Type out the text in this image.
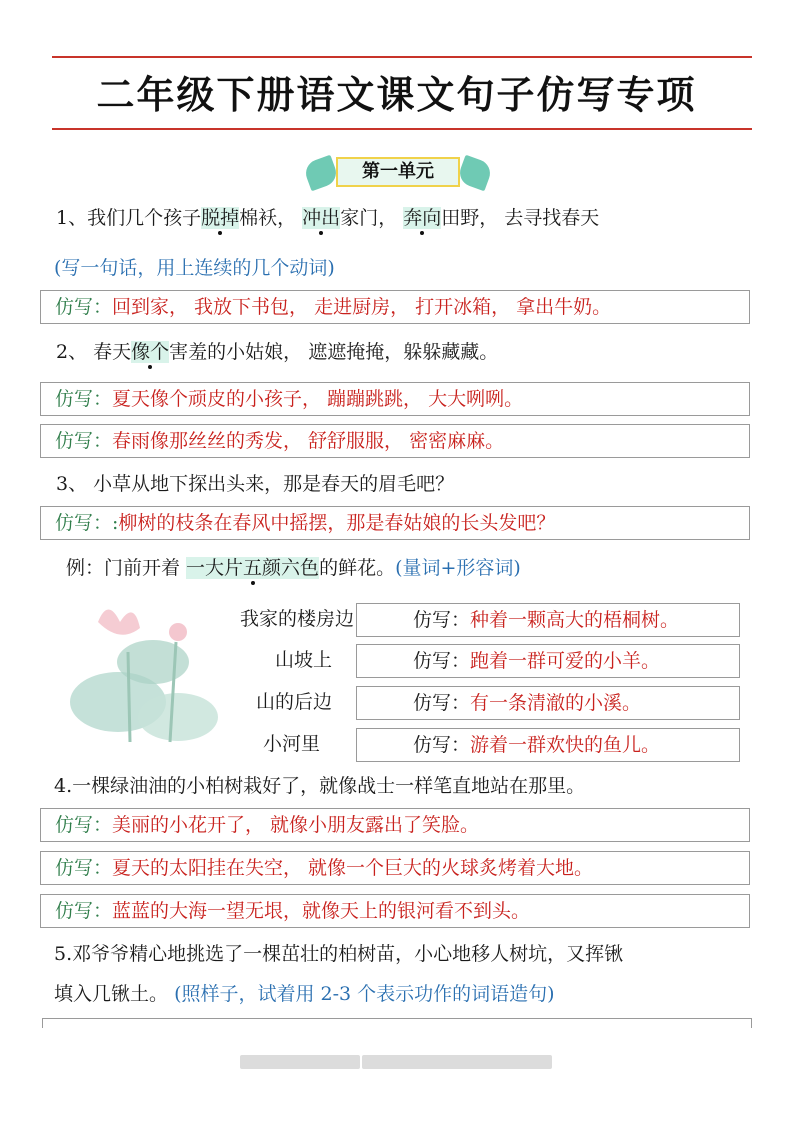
二年级下册语文课文句子仿写专项
第一单元
1、我们几个孩子脱掉棉袄， 冲出家门， 奔向田野， 去寻找春天
(写一句话，用上连续的几个动词)
仿写：回到家， 我放下书包， 走进厨房， 打开冰箱， 拿出牛奶。
2、 春天像个害羞的小姑娘， 遮遮掩掩，躲躲藏藏。
仿写：夏天像个顽皮的小孩子， 蹦蹦跳跳， 大大咧咧。
仿写：春雨像那丝丝的秀发， 舒舒服服， 密密麻麻。
3、 小草从地下探出头来，那是春天的眉毛吧？
仿写：:柳树的枝条在春风中摇摆，那是春姑娘的长头发吧？
例：门前开着 一大片五颜六色的鲜花。(量词+形容词)
我家的楼房边	仿写：种着一颗高大的梧桐树。
山坡上	仿写：跑着一群可爱的小羊。
山的后边	仿写：有一条清澈的小溪。
小河里	仿写：游着一群欢快的鱼儿。
4.一棵绿油油的小柏树栽好了，就像战士一样笔直地站在那里。
仿写：美丽的小花开了， 就像小朋友露出了笑脸。
仿写：夏天的太阳挂在失空， 就像一个巨大的火球炙烤着大地。
仿写：蓝蓝的大海一望无垠，就像天上的银河看不到头。
5.邓爷爷精心地挑选了一棵茁壮的柏树苗，小心地移人树坑，又挥锹
填入几锹土。 (照样子，试着用 2-3 个表示功作的词语造句)
